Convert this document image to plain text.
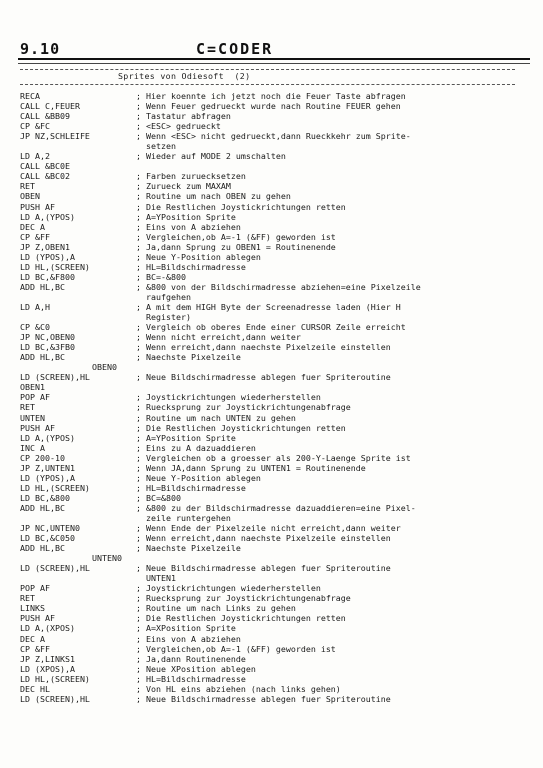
9.10	C=CODER
Sprites von Odiesoft  (2)
RECA	; Hier koennte ich jetzt noch die Feuer Taste abfragen
CALL C,FEUER	; Wenn Feuer gedrueckt wurde nach Routine FEUER gehen
CALL &BB09	; Tastatur abfragen
CP &FC	; <ESC> gedrueckt
JP NZ,SCHLEIFE	; Wenn <ESC> nicht gedrueckt,dann Rueckkehr zum Sprite-
setzen
LD A,2	; Wieder auf MODE 2 umschalten
CALL &BC0E
CALL &BC02	; Farben zuruecksetzen
RET	; Zurueck zum MAXAM
OBEN	; Routine um nach OBEN zu gehen
PUSH AF	; Die Restlichen Joystickrichtungen retten
LD A,(YPOS)	; A=YPosition Sprite
DEC A	; Eins von A abziehen
CP &FF	; Vergleichen,ob A=-1 (&FF) geworden ist
JP Z,OBEN1	; Ja,dann Sprung zu OBEN1 = Routinenende
LD (YPOS),A	; Neue Y-Position ablegen
LD HL,(SCREEN)	; HL=Bildschirmadresse
LD BC,&F800	; BC=-&800
ADD HL,BC	; &800 von der Bildschirmadresse abziehen=eine Pixelzeile
raufgehen
LD A,H	; A mit dem HIGH Byte der Screenadresse laden (Hier H
Register)
CP &C0	; Vergleich ob oberes Ende einer CURSOR Zeile erreicht
JP NC,OBEN0	; Wenn nicht erreicht,dann weiter
LD BC,&3FB0	; Wenn erreicht,dann naechste Pixelzeile einstellen
ADD HL,BC	; Naechste Pixelzeile
OBEN0
LD (SCREEN),HL	; Neue Bildschirmadresse ablegen fuer Spriteroutine
OBEN1
POP AF	; Joystickrichtungen wiederherstellen
RET	; Ruecksprung zur Joystickrichtungenabfrage
UNTEN	; Routine um nach UNTEN zu gehen
PUSH AF	; Die Restlichen Joystickrichtungen retten
LD A,(YPOS)	; A=YPosition Sprite
INC A	; Eins zu A dazuaddieren
CP 200-10	; Vergleichen ob a groesser als 200-Y-Laenge Sprite ist
JP Z,UNTEN1	; Wenn JA,dann Sprung zu UNTEN1 = Routinenende
LD (YPOS),A	; Neue Y-Position ablegen
LD HL,(SCREEN)	; HL=Bildschirmadresse
LD BC,&800	; BC=&800
ADD HL,BC	; &800 zu der Bildschirmadresse dazuaddieren=eine Pixel-
zeile runtergehen
JP NC,UNTEN0	; Wenn Ende der Pixelzeile nicht erreicht,dann weiter
LD BC,&C050	; Wenn erreicht,dann naechste Pixelzeile einstellen
ADD HL,BC	; Naechste Pixelzeile
UNTEN0
LD (SCREEN),HL	; Neue Bildschirmadresse ablegen fuer Spriteroutine
UNTEN1
POP AF	; Joystickrichtungen wiederherstellen
RET	; Ruecksprung zur Joystickrichtungenabfrage
LINKS	; Routine um nach Links zu gehen
PUSH AF	; Die Restlichen Joystickrichtungen retten
LD A,(XPOS)	; A=XPosition Sprite
DEC A	; Eins von A abziehen
CP &FF	; Vergleichen,ob A=-1 (&FF) geworden ist
JP Z,LINKS1	; Ja,dann Routinenende
LD (XPOS),A	; Neue XPosition ablegen
LD HL,(SCREEN)	; HL=Bildschirmadresse
DEC HL	; Von HL eins abziehen (nach links gehen)
LD (SCREEN),HL	; Neue Bildschirmadresse ablegen fuer Spriteroutine
